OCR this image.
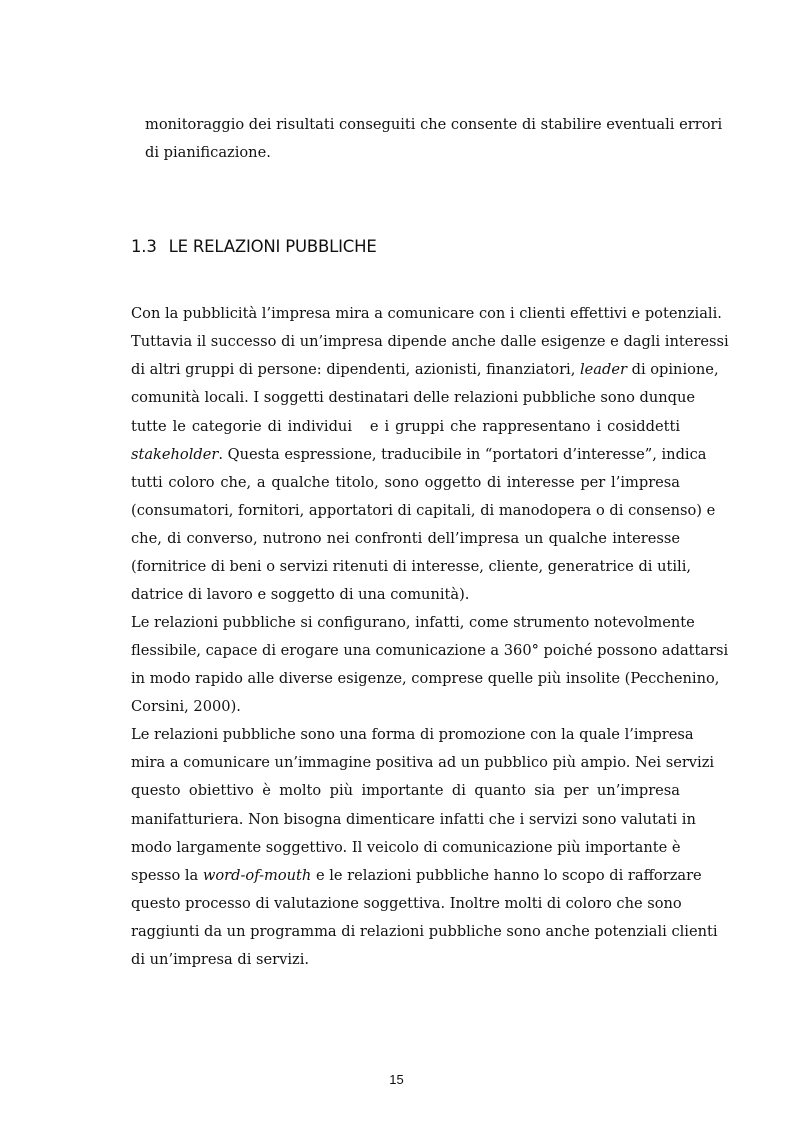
monitoraggio dei risultati conseguiti che consente di stabilire eventuali errori
di pianificazione.
1.3 LE RELAZIONI PUBBLICHE
Con la pubblicità l’impresa mira a comunicare con i clienti effettivi e potenziali.
Tuttavia il successo di un’impresa dipende anche dalle esigenze e dagli interessi
di altri gruppi di persone: dipendenti, azionisti, finanziatori, leader di opinione,
comunità locali. I soggetti destinatari delle relazioni pubbliche sono dunque
tutte le categorie di individui   e i gruppi che rappresentano i cosiddetti
stakeholder. Questa espressione, traducibile in “portatori d’interesse”, indica
tutti coloro che, a qualche titolo, sono oggetto di interesse per l’impresa
(consumatori, fornitori, apportatori di capitali, di manodopera o di consenso) e
che, di converso, nutrono nei confronti dell’impresa un qualche interesse
(fornitrice di beni o servizi ritenuti di interesse, cliente, generatrice di utili,
datrice di lavoro e soggetto di una comunità).
Le relazioni pubbliche si configurano, infatti, come strumento notevolmente
flessibile, capace di erogare una comunicazione a 360° poiché possono adattarsi
in modo rapido alle diverse esigenze, comprese quelle più insolite (Pecchenino,
Corsini, 2000).
Le relazioni pubbliche sono una forma di promozione con la quale l’impresa
mira a comunicare un’immagine positiva ad un pubblico più ampio. Nei servizi
questo obiettivo è molto più importante di quanto sia per un’impresa
manifatturiera. Non bisogna dimenticare infatti che i servizi sono valutati in
modo largamente soggettivo. Il veicolo di comunicazione più importante è
spesso la word-of-mouth e le relazioni pubbliche hanno lo scopo di rafforzare
questo processo di valutazione soggettiva. Inoltre molti di coloro che sono
raggiunti da un programma di relazioni pubbliche sono anche potenziali clienti
di un’impresa di servizi.
15
